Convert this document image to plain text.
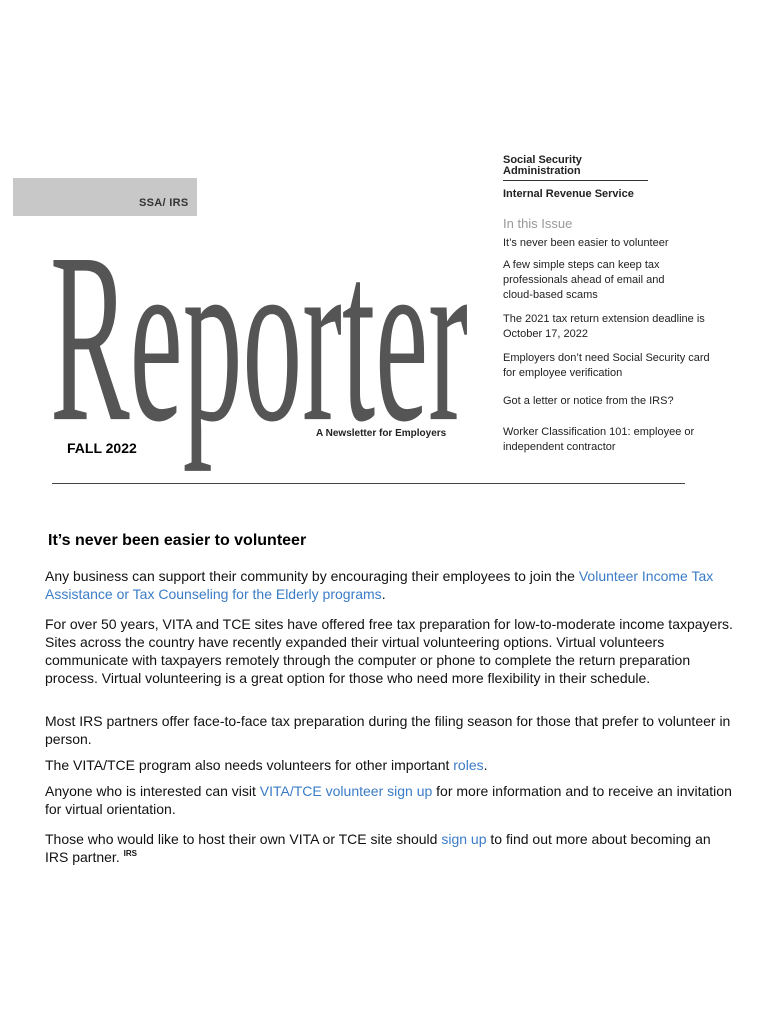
SSA/ IRS
Reporter
A Newsletter for Employers
FALL 2022
Social Security Administration
Internal Revenue Service
In this Issue
It’s never been easier to volunteer
A few simple steps can keep tax professionals ahead of email and cloud-based scams
The 2021 tax return extension deadline is October 17, 2022
Employers don’t need Social Security card for employee verification
Got a letter or notice from the IRS?
Worker Classification 101: employee or independent contractor
It’s never been easier to volunteer
Any business can support their community by encouraging their employees to join the Volunteer Income Tax Assistance or Tax Counseling for the Elderly programs.
For over 50 years, VITA and TCE sites have offered free tax preparation for low-to-moderate income taxpayers. Sites across the country have recently expanded their virtual volunteering options. Virtual volunteers communicate with taxpayers remotely through the computer or phone to complete the return preparation process. Virtual volunteering is a great option for those who need more flexibility in their schedule.
Most IRS partners offer face-to-face tax preparation during the filing season for those that prefer to volunteer in person.
The VITA/TCE program also needs volunteers for other important roles.
Anyone who is interested can visit VITA/TCE volunteer sign up for more information and to receive an invitation for virtual orientation.
Those who would like to host their own VITA or TCE site should sign up to find out more about becoming an IRS partner. $^{IRS}$
